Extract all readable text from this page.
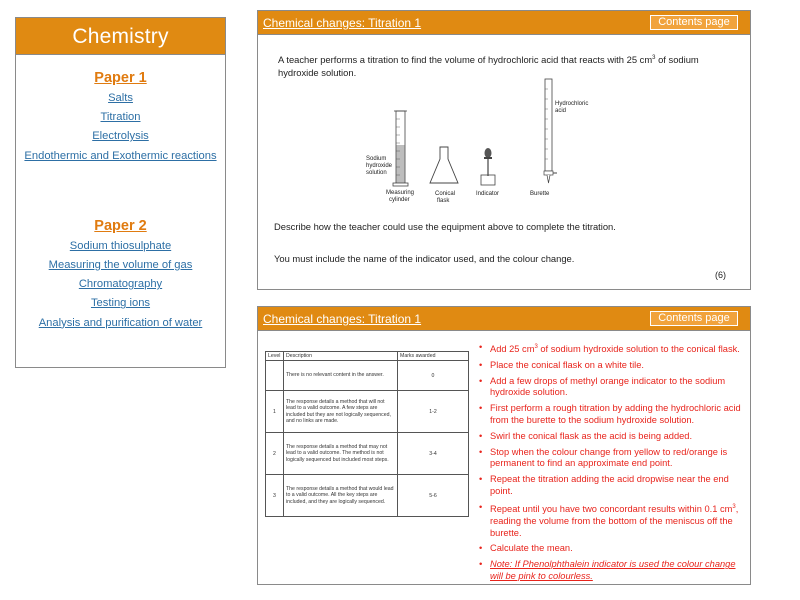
Chemistry
Paper 1
Salts
Titration
Electrolysis
Endothermic and Exothermic reactions
Paper 2
Sodium thiosulphate
Measuring the volume of gas
Chromatography
Testing ions
Analysis and purification of water
Chemical changes: Titration 1	Contents page

A teacher performs a titration to find the volume of hydrochloric acid that reacts with 25 $cm^3$ of sodium hydroxide solution.

Sodium
hydroxide
solution
Measuring
cylinder
Conical
flask
Indicator	Burette
Hydrochloric
acid

Describe how the teacher could use the equipment above to complete the titration.

You must include the name of the indicator used, and the colour change.

(6)

Chemical changes: Titration 1	Contents page
Level	Description	Marks awarded
	There is no relevant content in the answer.	0
1	The response details a method that will not lead to a valid outcome. A few steps are included but they are not logically sequenced, and no links are made.	1-2
2	The response details a method that may not lead to a valid outcome. The method is not logically sequenced but included most steps.	3-4
3	The response details a method that would lead to a valid outcome. All the key steps are included, and they are logically sequenced.	5-6
• Add 25 $cm^3$ of sodium hydroxide solution to the conical flask.
• Place the conical flask on a white tile.
• Add a few drops of methyl orange indicator to the sodium hydroxide solution.
• First perform a rough titration by adding the hydrochloric acid from the burette to the sodium hydroxide solution.
• Swirl the conical flask as the acid is being added.
• Stop when the colour change from yellow to red/orange is permanent to find an approximate end point.
• Repeat the titration adding the acid dropwise near the end point.
• Repeat until you have two concordant results within 0.1 $cm^3$, reading the volume from the bottom of the meniscus off the burette.
• Calculate the mean.
• Note: If Phenolphthalein indicator is used the colour change will be pink to colourless.
